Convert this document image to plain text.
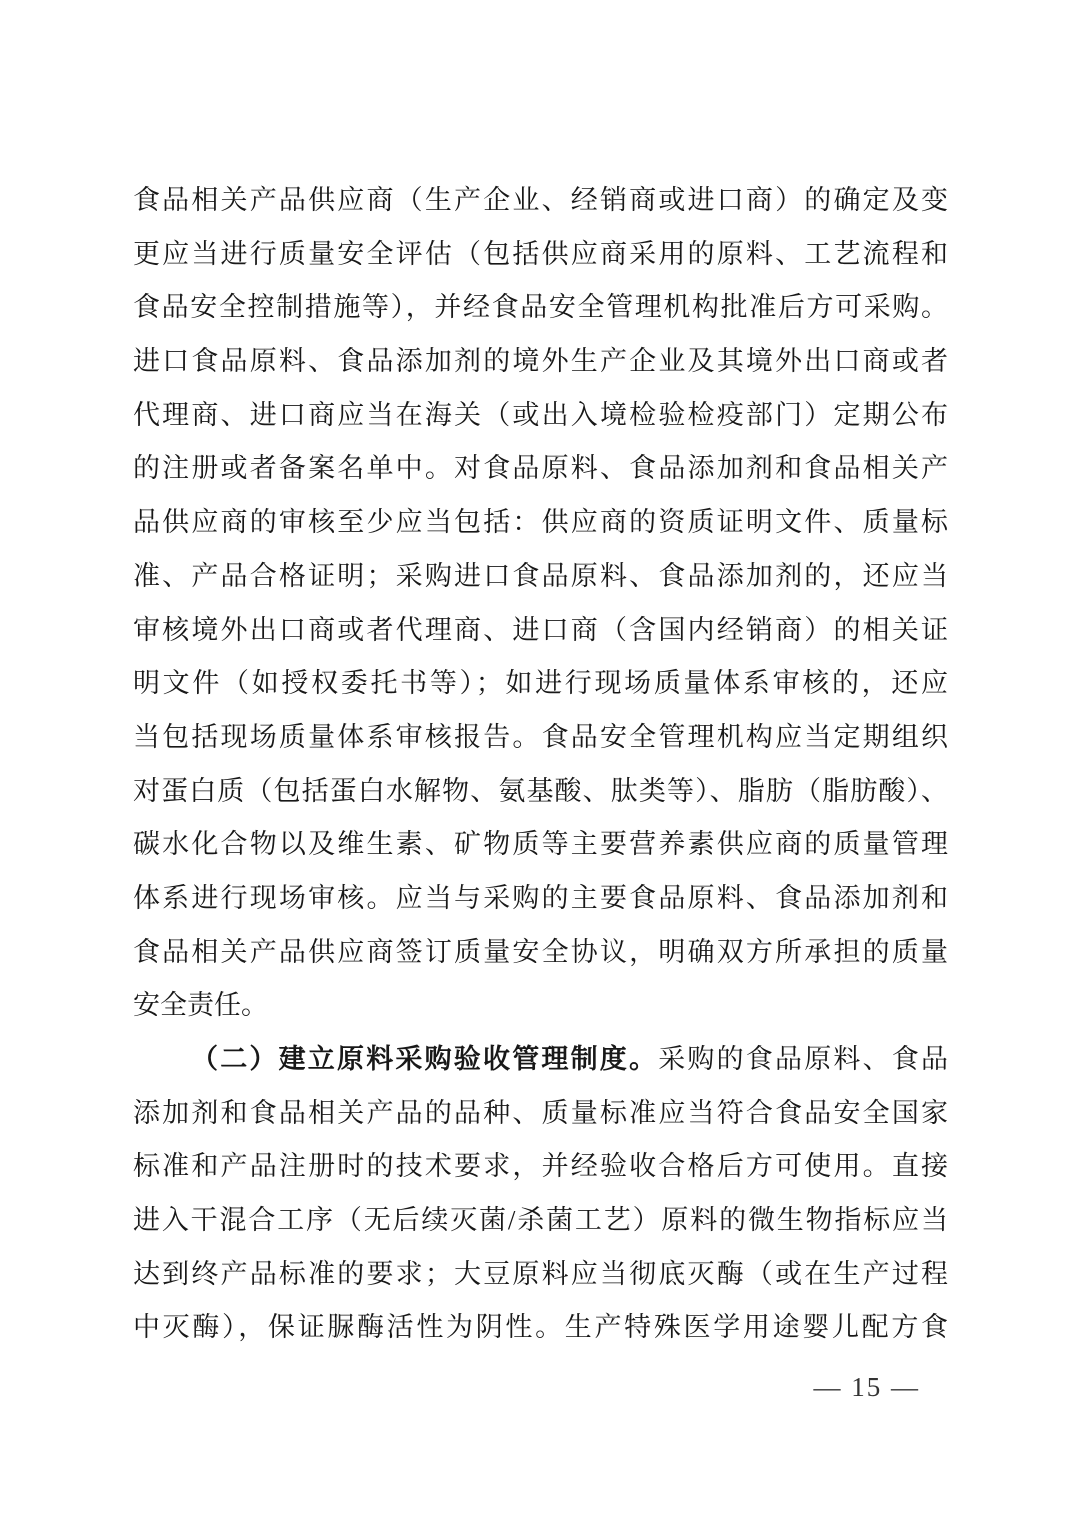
食品相关产品供应商（生产企业、经销商或进口商）的确定及变
更应当进行质量安全评估（包括供应商采用的原料、工艺流程和
食品安全控制措施等），并经食品安全管理机构批准后方可采购。
进口食品原料、食品添加剂的境外生产企业及其境外出口商或者
代理商、进口商应当在海关（或出入境检验检疫部门）定期公布
的注册或者备案名单中。对食品原料、食品添加剂和食品相关产
品供应商的审核至少应当包括：供应商的资质证明文件、质量标
准、产品合格证明；采购进口食品原料、食品添加剂的，还应当
审核境外出口商或者代理商、进口商（含国内经销商）的相关证
明文件（如授权委托书等）；如进行现场质量体系审核的，还应
当包括现场质量体系审核报告。食品安全管理机构应当定期组织
对蛋白质（包括蛋白水解物、氨基酸、肽类等）、脂肪（脂肪酸）、
碳水化合物以及维生素、矿物质等主要营养素供应商的质量管理
体系进行现场审核。应当与采购的主要食品原料、食品添加剂和
食品相关产品供应商签订质量安全协议，明确双方所承担的质量
安全责任。
（二）建立原料采购验收管理制度。采购的食品原料、食品
添加剂和食品相关产品的品种、质量标准应当符合食品安全国家
标准和产品注册时的技术要求，并经验收合格后方可使用。直接
进入干混合工序（无后续灭菌/杀菌工艺）原料的微生物指标应当
达到终产品标准的要求；大豆原料应当彻底灭酶（或在生产过程
中灭酶），保证脲酶活性为阴性。生产特殊医学用途婴儿配方食
— 15 —
